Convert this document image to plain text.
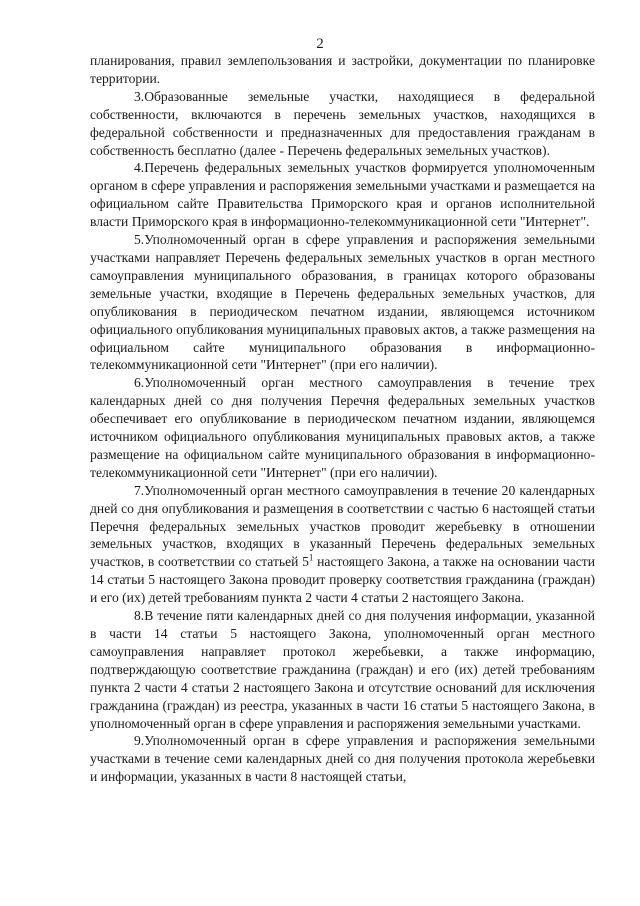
2

планирования, правил землепользования и застройки, документации по планировке территории.

3.Образованные земельные участки, находящиеся в федеральной собственности, включаются в перечень земельных участков, находящихся в федеральной собственности и предназначенных для предоставления гражданам в собственность бесплатно (далее - Перечень федеральных земельных участков).

4.Перечень федеральных земельных участков формируется уполномоченным органом в сфере управления и распоряжения земельными участками и размещается на официальном сайте Правительства Приморского края и органов исполнительной власти Приморского края в информационно-телекоммуникационной сети "Интернет".

5.Уполномоченный орган в сфере управления и распоряжения земельными участками направляет Перечень федеральных земельных участков в орган местного самоуправления муниципального образования, в границах которого образованы земельные участки, входящие в Перечень федеральных земельных участков, для опубликования в периодическом печатном издании, являющемся источником официального опубликования муниципальных правовых актов, а также размещения на официальном сайте муниципального образования в информационно-телекоммуникационной сети "Интернет" (при его наличии).

6.Уполномоченный орган местного самоуправления в течение трех календарных дней со дня получения Перечня федеральных земельных участков обеспечивает его опубликование в периодическом печатном издании, являющемся источником официального опубликования муниципальных правовых актов, а также размещение на официальном сайте муниципального образования в информационно-телекоммуникационной сети "Интернет" (при его наличии).

7.Уполномоченный орган местного самоуправления в течение 20 календарных дней со дня опубликования и размещения в соответствии с частью 6 настоящей статьи Перечня федеральных земельных участков проводит жеребьевку в отношении земельных участков, входящих в указанный Перечень федеральных земельных участков, в соответствии со статьей $5^1$ настоящего Закона, а также на основании части 14 статьи 5 настоящего Закона проводит проверку соответствия гражданина (граждан) и его (их) детей требованиям пункта 2 части 4 статьи 2 настоящего Закона.

8.В течение пяти календарных дней со дня получения информации, указанной в части 14 статьи 5 настоящего Закона, уполномоченный орган местного самоуправления направляет протокол жеребьевки, а также информацию, подтверждающую соответствие гражданина (граждан) и его (их) детей требованиям пункта 2 части 4 статьи 2 настоящего Закона и отсутствие оснований для исключения гражданина (граждан) из реестра, указанных в части 16 статьи 5 настоящего Закона, в уполномоченный орган в сфере управления и распоряжения земельными участками.

9.Уполномоченный орган в сфере управления и распоряжения земельными участками в течение семи календарных дней со дня получения протокола жеребьевки и информации, указанных в части 8 настоящей статьи,
